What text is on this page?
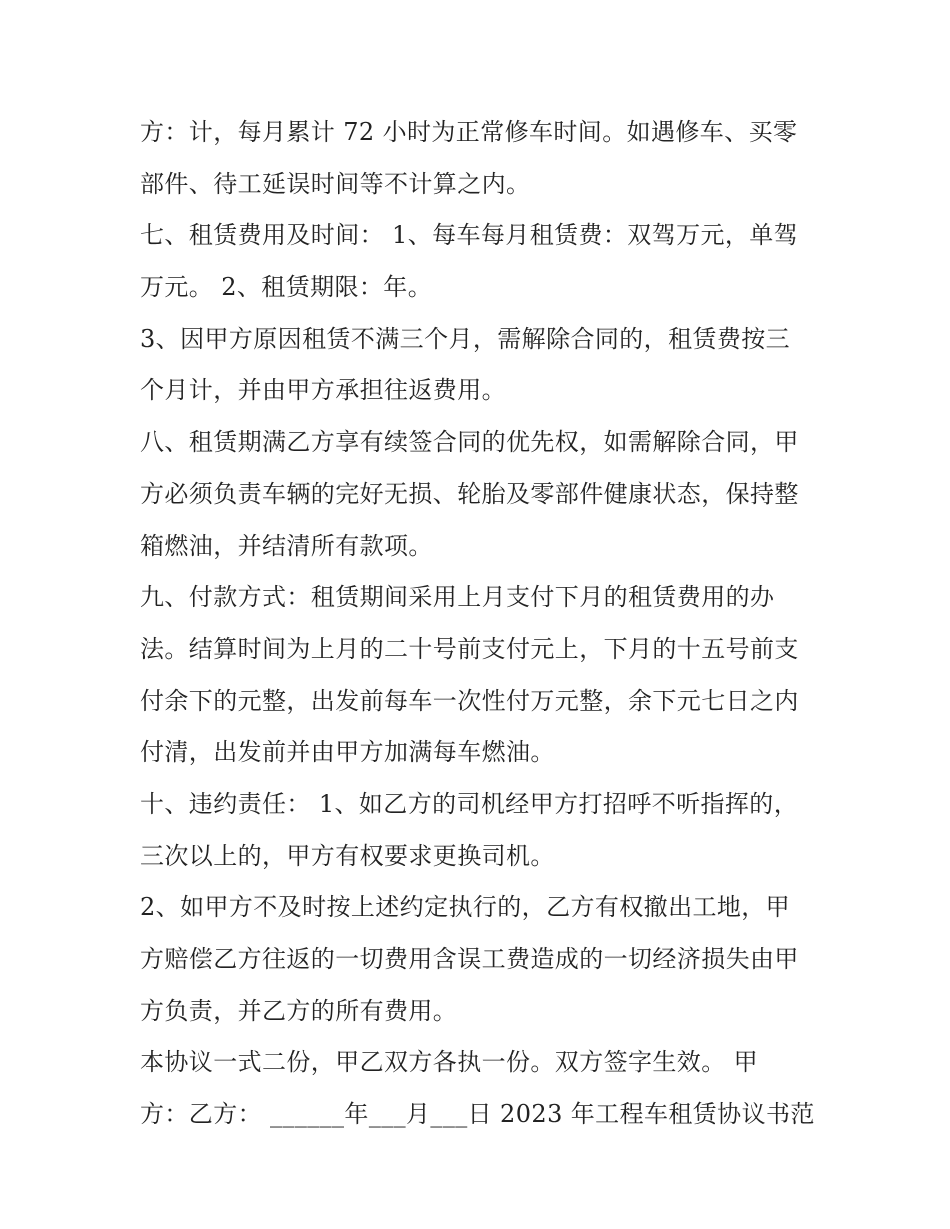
方：计，每月累计 72 小时为正常修车时间。如遇修车、买零
部件、待工延误时间等不计算之内。
七、租赁费用及时间： 1、每车每月租赁费：双驾万元，单驾
万元。 2、租赁期限：年。
3、因甲方原因租赁不满三个月，需解除合同的，租赁费按三
个月计，并由甲方承担往返费用。
八、租赁期满乙方享有续签合同的优先权，如需解除合同，甲
方必须负责车辆的完好无损、轮胎及零部件健康状态，保持整
箱燃油，并结清所有款项。
九、付款方式：租赁期间采用上月支付下月的租赁费用的办
法。结算时间为上月的二十号前支付元上，下月的十五号前支
付余下的元整，出发前每车一次性付万元整，余下元七日之内
付清，出发前并由甲方加满每车燃油。
十、违约责任： 1、如乙方的司机经甲方打招呼不听指挥的，
三次以上的，甲方有权要求更换司机。
2、如甲方不及时按上述约定执行的，乙方有权撤出工地，甲
方赔偿乙方往返的一切费用含误工费造成的一切经济损失由甲
方负责，并乙方的所有费用。
本协议一式二份，甲乙双方各执一份。双方签字生效。 甲
方：乙方： ______年___月___日 2023 年工程车租赁协议书范
